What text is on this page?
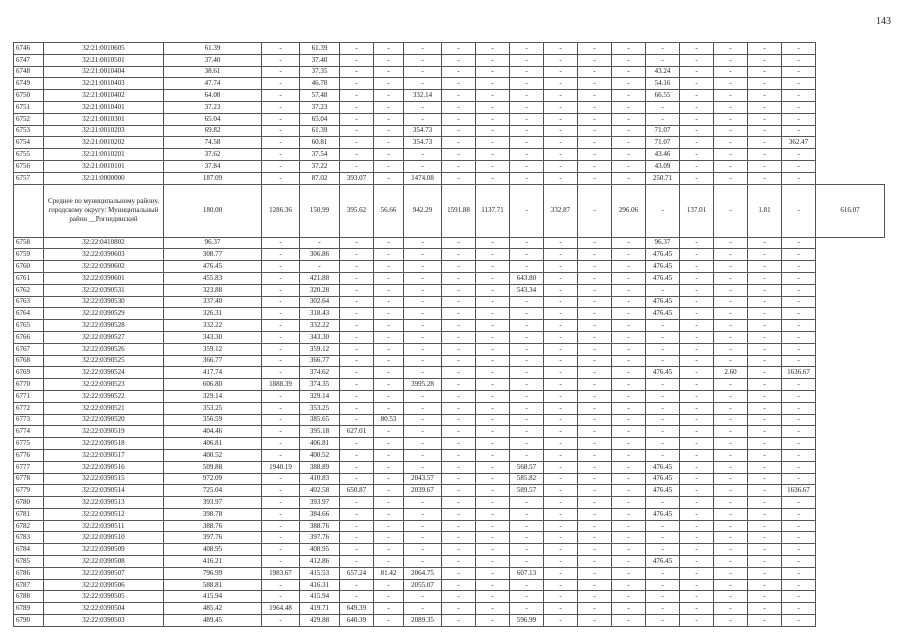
143
6746	32:21:0010605	61.39	-	61.39	-	-	-	-	-	-	-	-	-	-	-	-	-	-	
6747	32:21:0010501	37.40	-	37.40	-	-	-	-	-	-	-	-	-	-	-	-	-	-	
6748	32:21:0010404	38.61	-	37.35	-	-	-	-	-	-	-	-	-	43.24	-	-	-	-	
6749	32:21:0010403	47.74	-	46.78	-	-	-	-	-	-	-	-	-	54.16	-	-	-	-	
6750	32:21:0010402	64.08	-	57.48	-	-	332.14	-	-	-	-	-	-	66.55	-	-	-	-	
6751	32:21:0010401	37.23	-	37.23	-	-	-	-	-	-	-	-	-	-	-	-	-	-	
6752	32:21:0010301	65.04	-	65.04	-	-	-	-	-	-	-	-	-	-	-	-	-	-	
6753	32:21:0010203	69.82	-	61.39	-	-	354.73	-	-	-	-	-	-	71.07	-	-	-	-	
6754	32:21:0010202	74.58	-	60.81	-	-	354.73	-	-	-	-	-	-	71.07	-	-	-	362.47	
6755	32:21:0010201	37.62	-	37.54	-	-	-	-	-	-	-	-	-	43.46	-	-	-	-	
6756	32:21:0010101	37.84	-	37.22	-	-	-	-	-	-	-	-	-	43.09	-	-	-	-	
6757	32:21:0000000	187.09	-	87.02	393.07	-	1474.08	-	-	-	-	-	-	250.71	-	-	-	-	
	Среднее по муниципальному району, городскому округу: Муниципальный район __Рогнединский	180.00	1286.36	150.99	395.62	56.66	942.29	1591.88	1137.71	-	332.87	-	296.06	-	137.01	-	1.81	-	616.07
6758	32:22:0410802	96.37	-	-	-	-	-	-	-	-	-	-	-	96.37	-	-	-	-	
6759	32:22:0390603	308.77	-	306.86	-	-	-	-	-	-	-	-	-	476.45	-	-	-	-	
6760	32:22:0390602	476.45	-	-	-	-	-	-	-	-	-	-	-	476.45	-	-	-	-	
6761	32:22:0390601	455.83	-	421.88	-	-	-	-	-	643.80	-	-	-	476.45	-	-	-	-	
6762	32:22:0390531	323.88	-	320.28	-	-	-	-	-	543.34	-	-	-	-	-	-	-	-	
6763	32:22:0390530	337.40	-	302.64	-	-	-	-	-	-	-	-	-	476.45	-	-	-	-	
6764	32:22:0390529	326.31	-	318.43	-	-	-	-	-	-	-	-	-	476.45	-	-	-	-	
6765	32:22:0390528	332.22	-	332.22	-	-	-	-	-	-	-	-	-	-	-	-	-	-	
6766	32:22:0390527	343.30	-	343.30	-	-	-	-	-	-	-	-	-	-	-	-	-	-	
6767	32:22:0390526	359.12	-	359.12	-	-	-	-	-	-	-	-	-	-	-	-	-	-	
6768	32:22:0390525	366.77	-	366.77	-	-	-	-	-	-	-	-	-	-	-	-	-	-	
6769	32:22:0390524	417.74	-	374.62	-	-	-	-	-	-	-	-	-	476.45	-	2.60	-	1636.67	
6770	32:22:0390523	606.80	1888.39	374.35	-	-	3995.28	-	-	-	-	-	-	-	-	-	-	-	
6771	32:22:0390522	329.14	-	329.14	-	-	-	-	-	-	-	-	-	-	-	-	-	-	
6772	32:22:0390521	353.25	-	353.25	-	-	-	-	-	-	-	-	-	-	-	-	-	-	
6773	32:22:0390520	356.59	-	385.65	-	80.53	-	-	-	-	-	-	-	-	-	-	-	-	
6774	32:22:0390519	404.46	-	395.18	627.01	-	-	-	-	-	-	-	-	-	-	-	-	-	
6775	32:22:0390518	406.81	-	406.81	-	-	-	-	-	-	-	-	-	-	-	-	-	-	
6776	32:22:0390517	400.52	-	400.52	-	-	-	-	-	-	-	-	-	-	-	-	-	-	
6777	32:22:0390516	509.88	1940.19	388.89	-	-	-	-	-	568.57	-	-	-	476.45	-	-	-	-	
6778	32:22:0390515	972.09	-	410.83	-	-	2043.57	-	-	585.82	-	-	-	476.45	-	-	-	-	
6779	32:22:0390514	725.04	-	402.58	650.87	-	2039.67	-	-	589.57	-	-	-	476.45	-	-	-	1636.67	
6780	32:22:0390513	393.97	-	393.97	-	-	-	-	-	-	-	-	-	-	-	-	-	-	
6781	32:22:0390512	398.78	-	384.66	-	-	-	-	-	-	-	-	-	476.45	-	-	-	-	
6782	32:22:0390511	388.76	-	388.76	-	-	-	-	-	-	-	-	-	-	-	-	-	-	
6783	32:22:0390510	397.76	-	397.76	-	-	-	-	-	-	-	-	-	-	-	-	-	-	
6784	32:22:0390509	408.95	-	408.95	-	-	-	-	-	-	-	-	-	-	-	-	-	-	
6785	32:22:0390508	416.21	-	412.86	-	-	-	-	-	-	-	-	-	476.45	-	-	-	-	
6786	32:22:0390507	796.99	1983.67	415.53	657.24	81.42	2064.75	-	-	607.13	-	-	-	-	-	-	-	-	
6787	32:22:0390506	588.81	-	416.31	-	-	2055.07	-	-	-	-	-	-	-	-	-	-	-	
6788	32:22:0390505	415.94	-	415.94	-	-	-	-	-	-	-	-	-	-	-	-	-	-	
6789	32:22:0390504	485.42	1964.48	419.71	649.39	-	-	-	-	-	-	-	-	-	-	-	-	-	
6790	32:22:0390503	489.45	-	429.88	640.39	-	2089.35	-	-	596.99	-	-	-	-	-	-	-	-	
